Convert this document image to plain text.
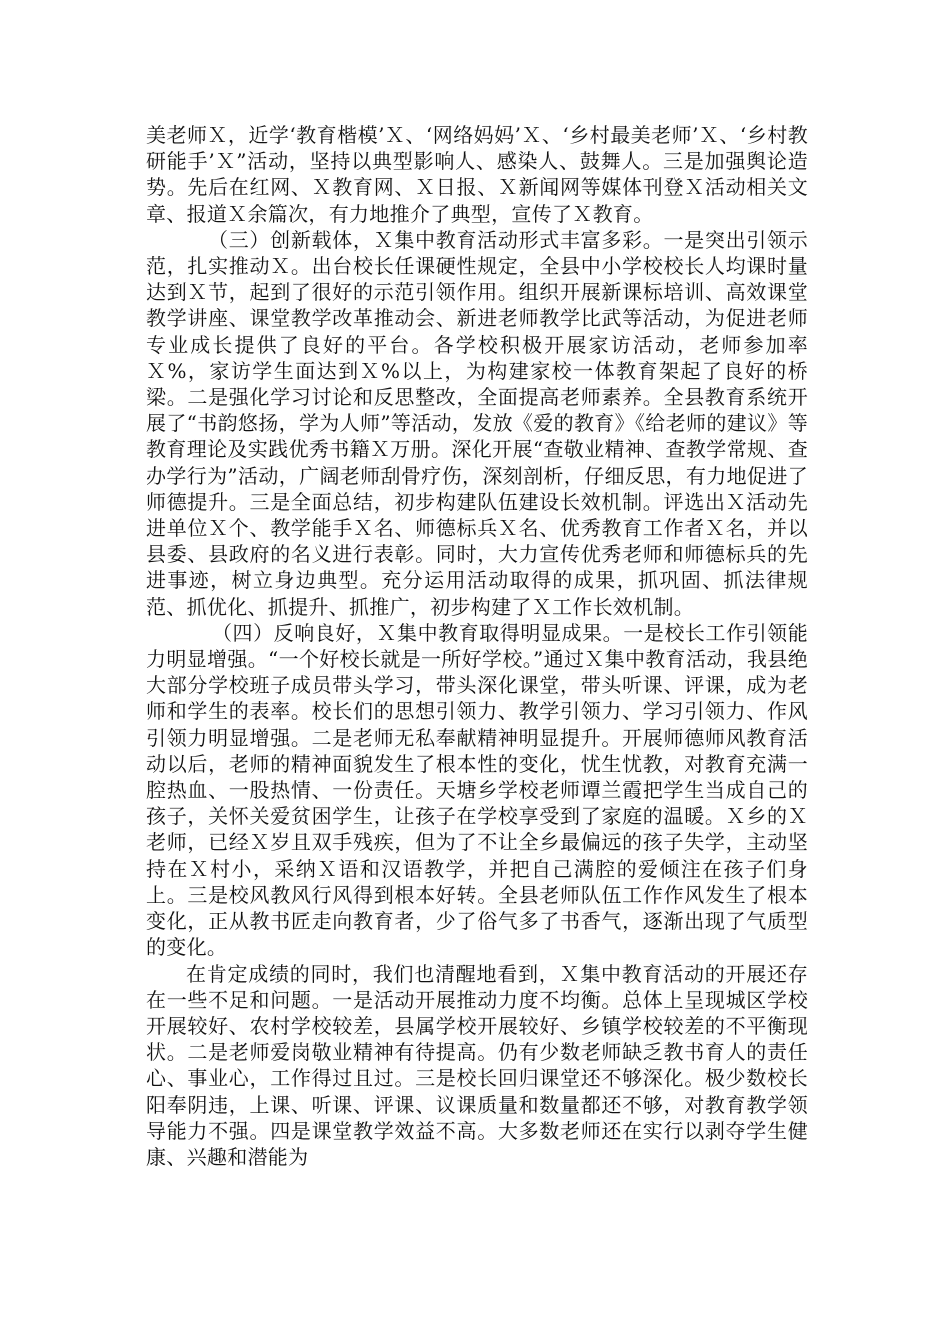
美老师Ｘ，近学‘教育楷模’Ｘ、‘网络妈妈’Ｘ、‘乡村最美老师’Ｘ、‘乡村教研能手’Ｘ”活动，坚持以典型影响人、感染人、鼓舞人。三是加强舆论造势。先后在红网、Ｘ教育网、Ｘ日报、Ｘ新闻网等媒体刊登Ｘ活动相关文章、报道Ｘ余篇次，有力地推介了典型，宣传了Ｘ教育。

（三）创新载体，Ｘ集中教育活动形式丰富多彩。一是突出引领示范，扎实推动Ｘ。出台校长任课硬性规定，全县中小学校校长人均课时量达到Ｘ节，起到了很好的示范引领作用。组织开展新课标培训、高效课堂教学讲座、课堂教学改革推动会、新进老师教学比武等活动，为促进老师专业成长提供了良好的平台。各学校积极开展家访活动，老师参加率Ｘ%，家访学生面达到Ｘ%以上，为构建家校一体教育架起了良好的桥梁。二是强化学习讨论和反思整改，全面提高老师素养。全县教育系统开展了“书韵悠扬，学为人师”等活动，发放《爱的教育》《给老师的建议》等教育理论及实践优秀书籍Ｘ万册。深化开展“查敬业精神、查教学常规、查办学行为”活动，广阔老师刮骨疗伤，深刻剖析，仔细反思，有力地促进了师德提升。三是全面总结，初步构建队伍建设长效机制。评选出Ｘ活动先进单位Ｘ个、教学能手Ｘ名、师德标兵Ｘ名、优秀教育工作者Ｘ名，并以县委、县政府的名义进行表彰。同时，大力宣传优秀老师和师德标兵的先进事迹，树立身边典型。充分运用活动取得的成果，抓巩固、抓法律规范、抓优化、抓提升、抓推广，初步构建了Ｘ工作长效机制。

（四）反响良好，Ｘ集中教育取得明显成果。一是校长工作引领能力明显增强。“一个好校长就是一所好学校。”通过Ｘ集中教育活动，我县绝大部分学校班子成员带头学习，带头深化课堂，带头听课、评课，成为老师和学生的表率。校长们的思想引领力、教学引领力、学习引领力、作风引领力明显增强。二是老师无私奉献精神明显提升。开展师德师风教育活动以后，老师的精神面貌发生了根本性的变化，忧生忧教，对教育充满一腔热血、一股热情、一份责任。天塘乡学校老师谭兰霞把学生当成自己的孩子，关怀关爱贫困学生，让孩子在学校享受到了家庭的温暖。Ｘ乡的Ｘ老师，已经Ｘ岁且双手残疾，但为了不让全乡最偏远的孩子失学，主动坚持在Ｘ村小，采纳Ｘ语和汉语教学，并把自己满腔的爱倾注在孩子们身上。三是校风教风行风得到根本好转。全县老师队伍工作作风发生了根本变化，正从教书匠走向教育者，少了俗气多了书香气，逐渐出现了气质型的变化。

在肯定成绩的同时，我们也清醒地看到，Ｘ集中教育活动的开展还存在一些不足和问题。一是活动开展推动力度不均衡。总体上呈现城区学校开展较好、农村学校较差，县属学校开展较好、乡镇学校较差的不平衡现状。二是老师爱岗敬业精神有待提高。仍有少数老师缺乏教书育人的责任心、事业心，工作得过且过。三是校长回归课堂还不够深化。极少数校长阳奉阴违，上课、听课、评课、议课质量和数量都还不够，对教育教学领导能力不强。四是课堂教学效益不高。大多数老师还在实行以剥夺学生健康、兴趣和潜能为
